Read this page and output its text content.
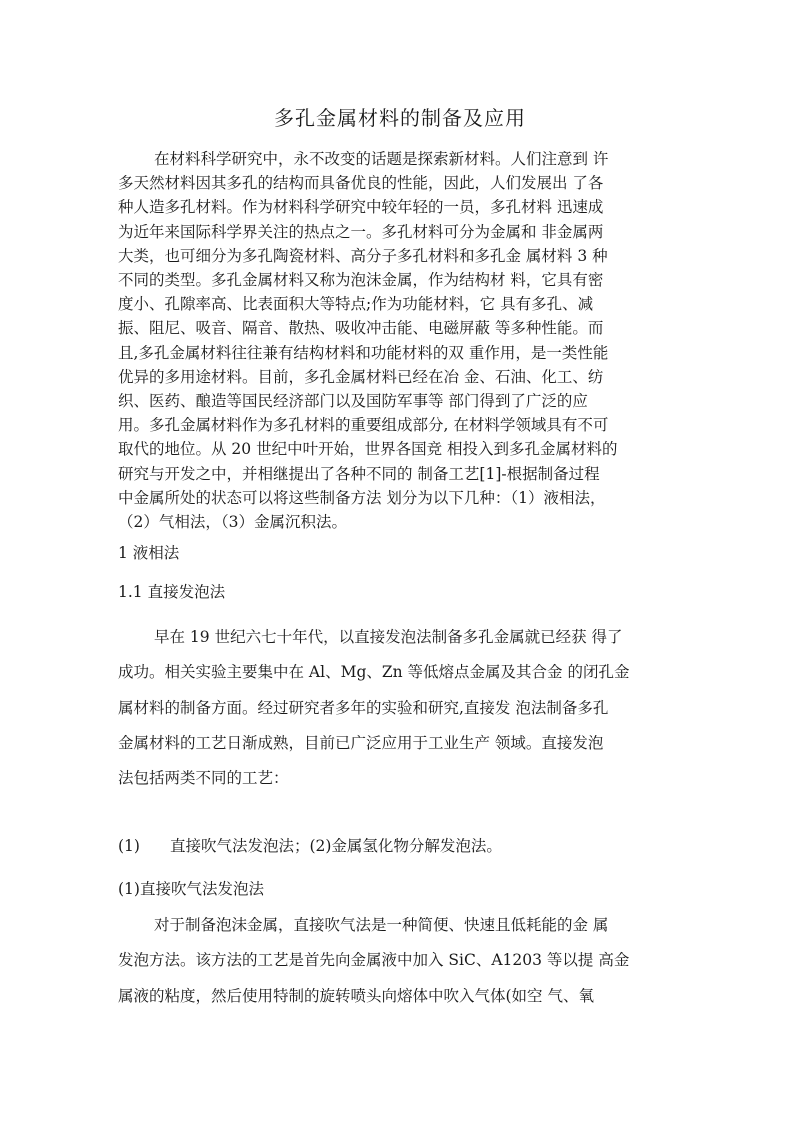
多孔金属材料的制备及应用
在材料科学研究中，永不改变的话题是探索新材料。人们注意到 许
多天然材料因其多孔的结构而具备优良的性能，因此，人们发展出 了各
种人造多孔材料。作为材料科学研究中较年轻的一员，多孔材料 迅速成
为近年来国际科学界关注的热点之一。多孔材料可分为金属和 非金属两
大类，也可细分为多孔陶瓷材料、高分子多孔材料和多孔金 属材料 3 种
不同的类型。多孔金属材料又称为泡沫金属，作为结构材 料，它具有密
度小、孔隙率高、比表面积大等特点;作为功能材料，它 具有多孔、减
振、阻尼、吸音、隔音、散热、吸收冲击能、电磁屏蔽 等多种性能。而
且,多孔金属材料往往兼有结构材料和功能材料的双 重作用，是一类性能
优异的多用途材料。目前，多孔金属材料已经在冶 金、石油、化工、纺
织、医药、酿造等国民经济部门以及国防军事等 部门得到了广泛的应
用。多孔金属材料作为多孔材料的重要组成部分, 在材料学领域具有不可
取代的地位。从 20 世纪中叶开始，世界各国竞 相投入到多孔金属材料的
研究与开发之中，并相继提出了各种不同的 制备工艺[1]-根据制备过程
中金属所处的状态可以将这些制备方法 划分为以下几种：（1）液相法，
（2）气相法，（3）金属沉积法。
1 液相法
1.1 直接发泡法
早在 19 世纪六七十年代，以直接发泡法制备多孔金属就已经获 得了
成功。相关实验主要集中在 Al、Mg、Zn 等低熔点金属及其合金 的闭孔金
属材料的制备方面。经过研究者多年的实验和研究,直接发 泡法制备多孔
金属材料的工艺日渐成熟，目前已广泛应用于工业生产 领域。直接发泡
法包括两类不同的工艺：
(1) 直接吹气法发泡法；(2)金属氢化物分解发泡法。
(1)直接吹气法发泡法
对于制备泡沫金属，直接吹气法是一种简便、快速且低耗能的金 属
发泡方法。该方法的工艺是首先向金属液中加入 SiC、A1203 等以提 高金
属液的粘度，然后使用特制的旋转喷头向熔体中吹入气体(如空 气、氧
